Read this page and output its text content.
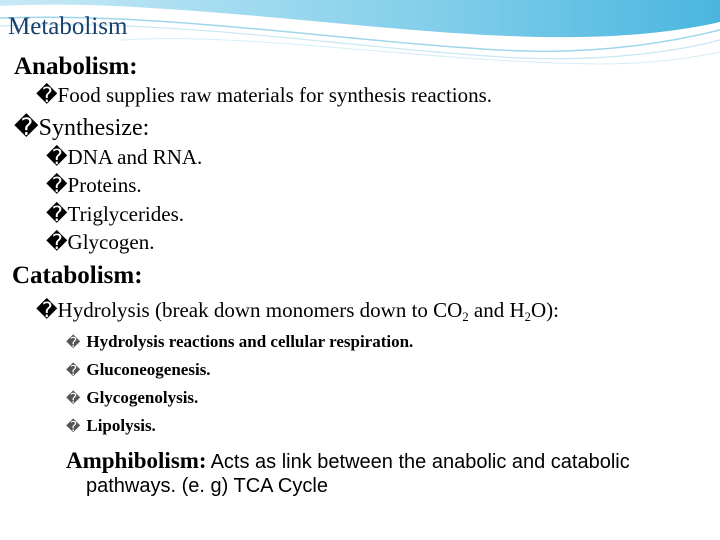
Metabolism
Anabolism:
�Food supplies raw materials for synthesis reactions.
�Synthesize:
�DNA and RNA.
�Proteins.
�Triglycerides.
�Glycogen.
Catabolism:
�Hydrolysis (break down monomers down to $CO_2$ and $H_2O$):
� Hydrolysis reactions and cellular respiration.
� Gluconeogenesis.
� Glycogenolysis.
� Lipolysis.
Amphibolism: Acts as link between the anabolic and catabolic
pathways. (e. g) TCA Cycle
